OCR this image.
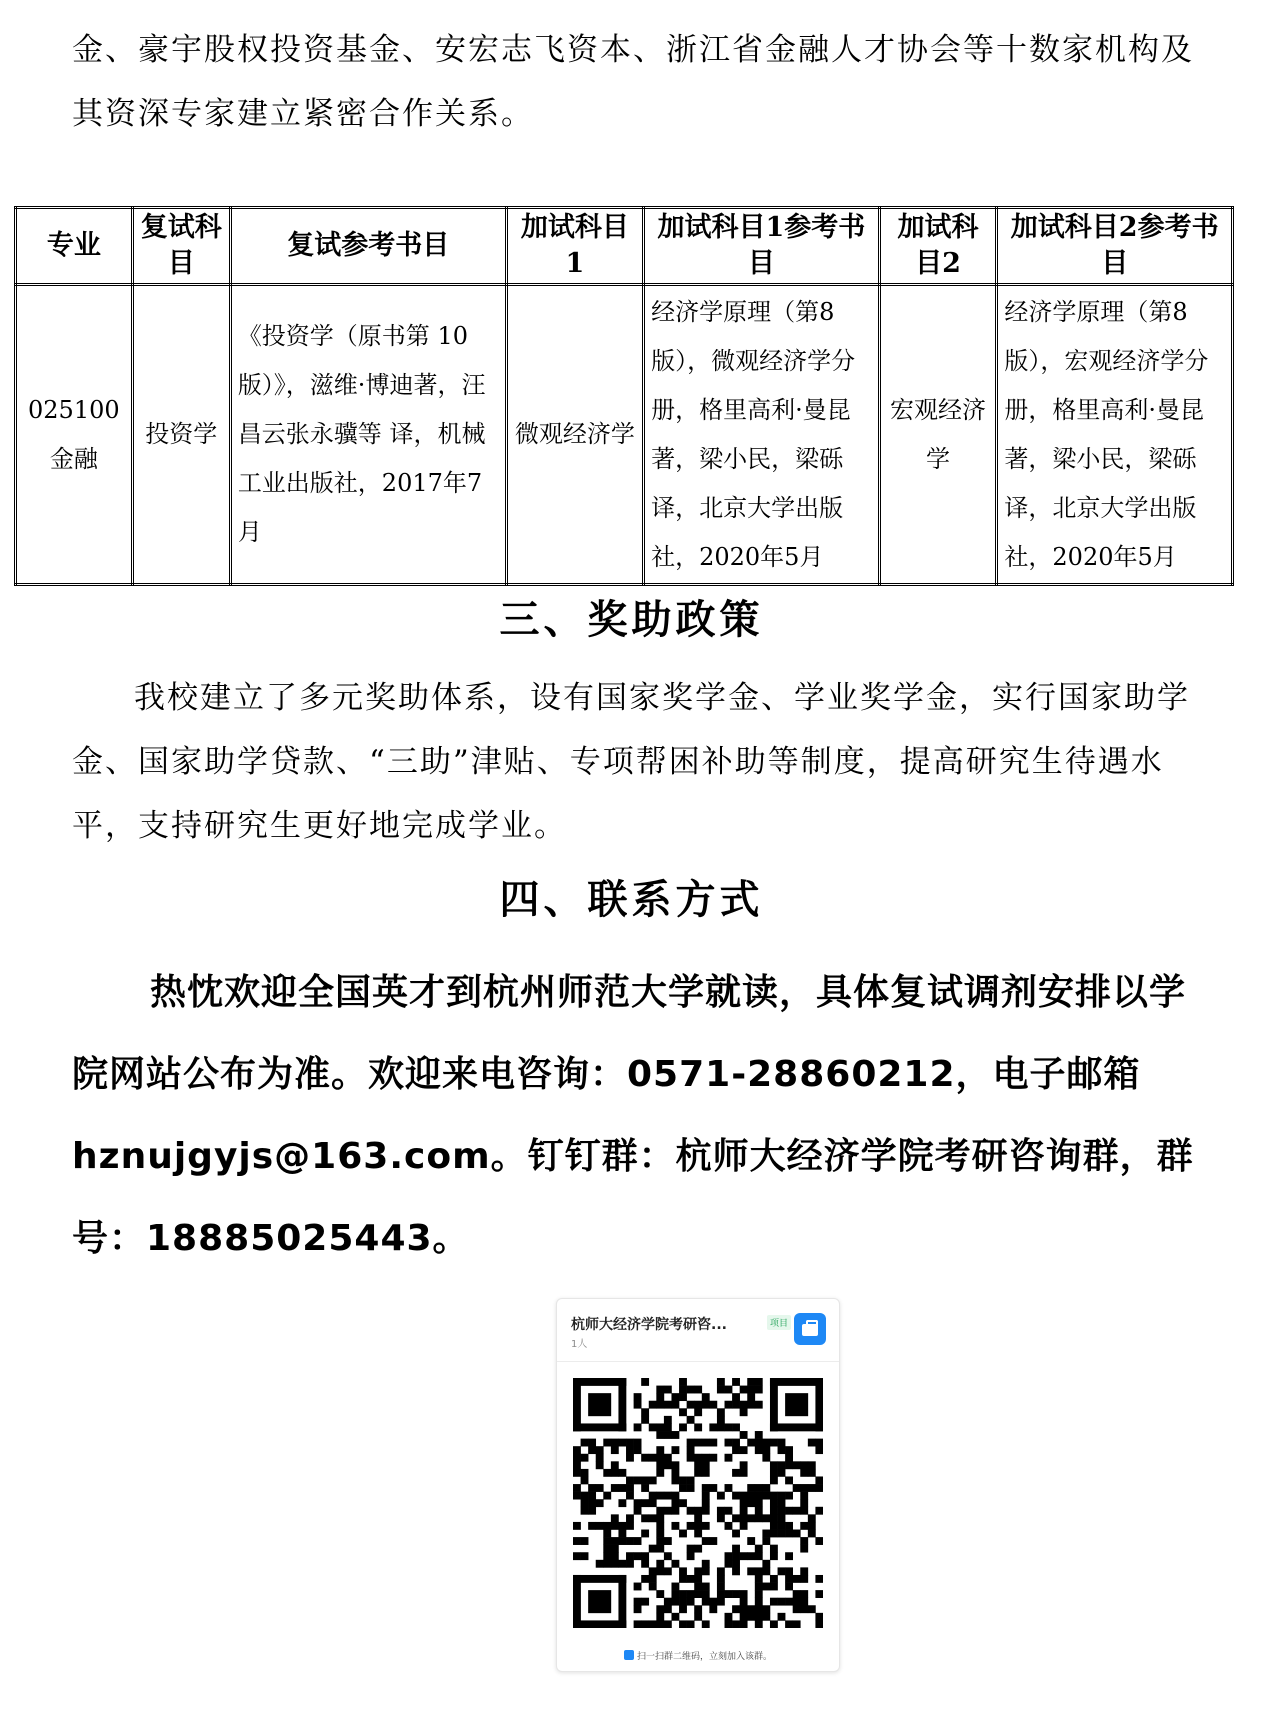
金、豪宇股权投资基金、安宏志飞资本、浙江省金融人才协会等十数家机构及其资深专家建立紧密合作关系。
专业	复试科目	复试参考书目	加试科目1	加试科目1参考书目	加试科目2	加试科目2参考书目
025100金融	投资学	《投资学（原书第 10版）》，滋维·博迪著，汪昌云张永骥等 译，机械工业出版社，2017年7月	微观经济学	经济学原理（第8版），微观经济学分册，格里高利·曼昆著，梁小民，梁砾译，北京大学出版社，2020年5月	宏观经济学	经济学原理（第8版），宏观经济学分册，格里高利·曼昆著，梁小民，梁砾译，北京大学出版社，2020年5月
三、奖助政策
我校建立了多元奖助体系，设有国家奖学金、学业奖学金，实行国家助学金、国家助学贷款、“三助”津贴、专项帮困补助等制度，提高研究生待遇水平，支持研究生更好地完成学业。
四、联系方式
热忱欢迎全国英才到杭州师范大学就读，具体复试调剂安排以学院网站公布为准。欢迎来电咨询：0571-28860212，电子邮箱 hznujgyjs@163.com。钉钉群：杭师大经济学院考研咨询群，群号：18885025443。
杭师大经济学院考研咨...
1人
项目
扫一扫群二维码，立刻加入该群。
